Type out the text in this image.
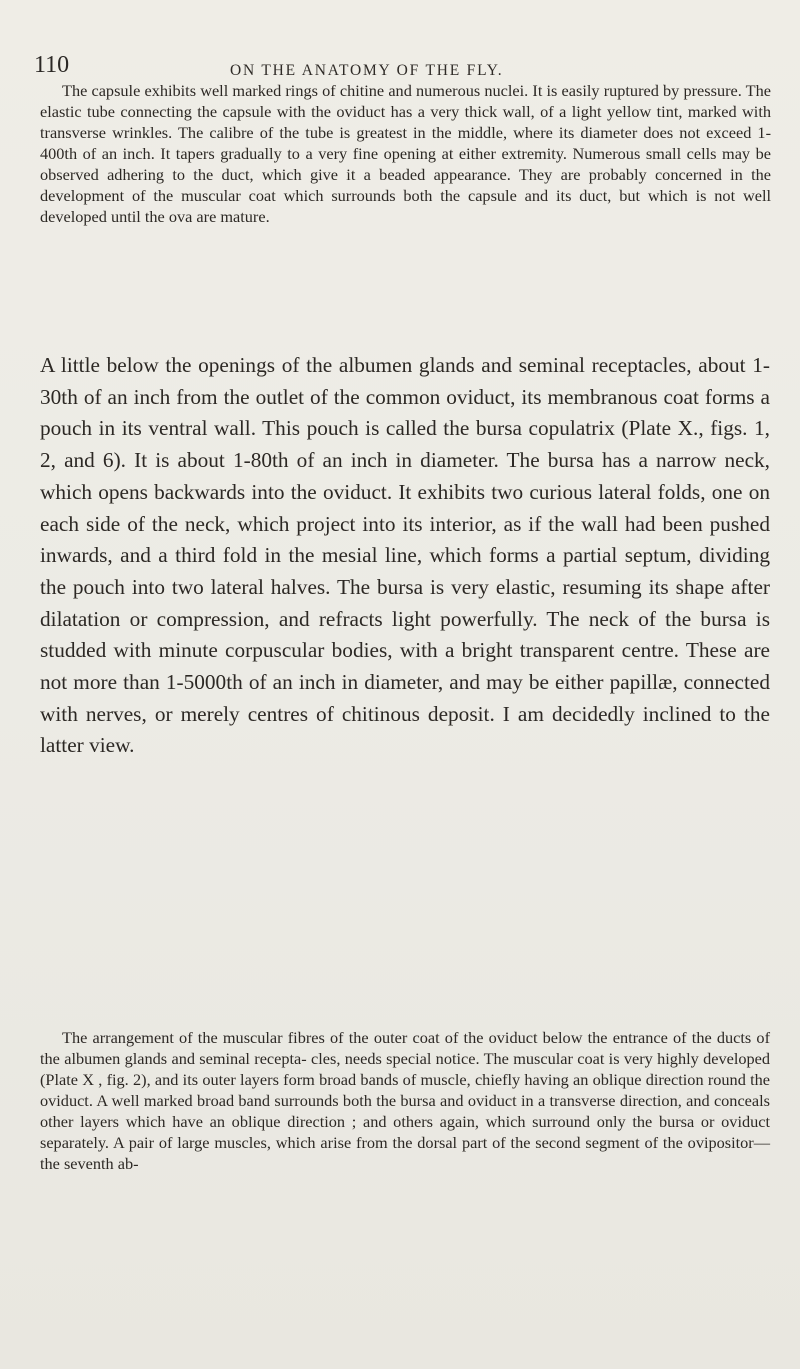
110	ON THE ANATOMY OF THE FLY.

The capsule exhibits well marked rings of chitine and numerous nuclei. It is easily ruptured by pressure. The elastic tube connecting the capsule with the oviduct has a very thick wall, of a light yellow tint, marked with transverse wrinkles. The calibre of the tube is greatest in the middle, where its diameter does not exceed 1-400th of an inch. It tapers gradually to a very fine opening at either extremity. Numerous small cells may be observed adhering to the duct, which give it a beaded appearance. They are probably concerned in the development of the muscular coat which surrounds both the capsule and its duct, but which is not well developed until the ova are mature.

A little below the openings of the albumen glands and seminal receptacles, about 1-30th of an inch from the outlet of the common oviduct, its membranous coat forms a pouch in its ventral wall. This pouch is called the bursa copulatrix (Plate X., figs. 1, 2, and 6). It is about 1-80th of an inch in diameter. The bursa has a narrow neck, which opens backwards into the oviduct. It exhibits two curious lateral folds, one on each side of the neck, which project into its interior, as if the wall had been pushed inwards, and a third fold in the mesial line, which forms a partial septum, dividing the pouch into two lateral halves. The bursa is very elastic, resuming its shape after dilatation or compression, and refracts light powerfully. The neck of the bursa is studded with minute corpuscular bodies, with a bright transparent centre. These are not more than 1-5000th of an inch in diameter, and may be either papillæ, connected with nerves, or merely centres of chitinous deposit. I am decidedly inclined to the latter view.

The arrangement of the muscular fibres of the outer coat of the oviduct below the entrance of the ducts of the albumen glands and seminal recepta- cles, needs special notice. The muscular coat is very highly developed (Plate X , fig. 2), and its outer layers form broad bands of muscle, chiefly having an oblique direction round the oviduct. A well marked broad band surrounds both the bursa and oviduct in a transverse direction, and conceals other layers which have an oblique direction ; and others again, which surround only the bursa or oviduct separately. A pair of large muscles, which arise from the dorsal part of the second segment of the ovipositor—the seventh ab-
